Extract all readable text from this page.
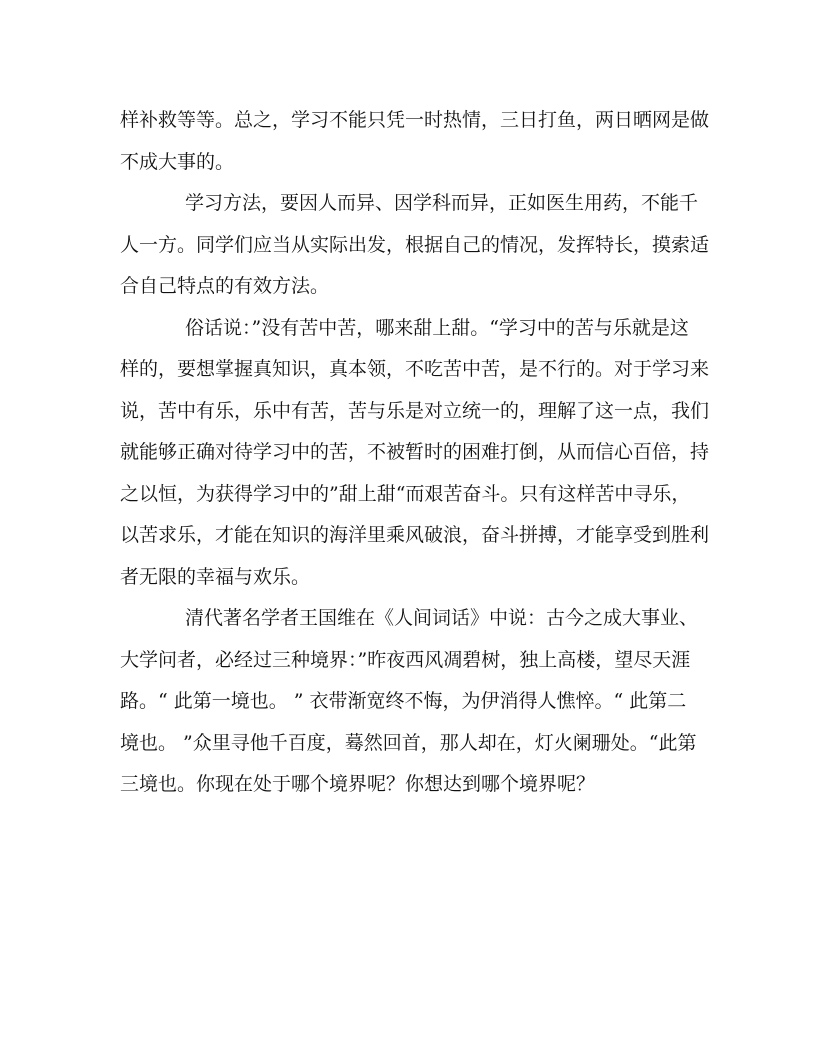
样补救等等。总之，学习不能只凭一时热情，三日打鱼，两日晒网是做
不成大事的。
学习方法，要因人而异、因学科而异，正如医生用药，不能千
人一方。同学们应当从实际出发，根据自己的情况，发挥特长，摸索适
合自己特点的有效方法。
俗话说：”没有苦中苦，哪来甜上甜。“学习中的苦与乐就是这
样的，要想掌握真知识，真本领，不吃苦中苦，是不行的。对于学习来
说，苦中有乐，乐中有苦，苦与乐是对立统一的，理解了这一点，我们
就能够正确对待学习中的苦，不被暂时的困难打倒，从而信心百倍，持
之以恒，为获得学习中的”甜上甜“而艰苦奋斗。只有这样苦中寻乐，
以苦求乐，才能在知识的海洋里乘风破浪，奋斗拼搏，才能享受到胜利
者无限的幸福与欢乐。
清代著名学者王国维在《人间词话》中说：古今之成大事业、
大学问者，必经过三种境界：”昨夜西风凋碧树，独上高楼，望尽天涯
路。“ 此第一境也。 ” 衣带渐宽终不悔，为伊消得人憔悴。“ 此第二
境也。 ”众里寻他千百度，蓦然回首，那人却在，灯火阑珊处。“此第
三境也。你现在处于哪个境界呢？你想达到哪个境界呢？
